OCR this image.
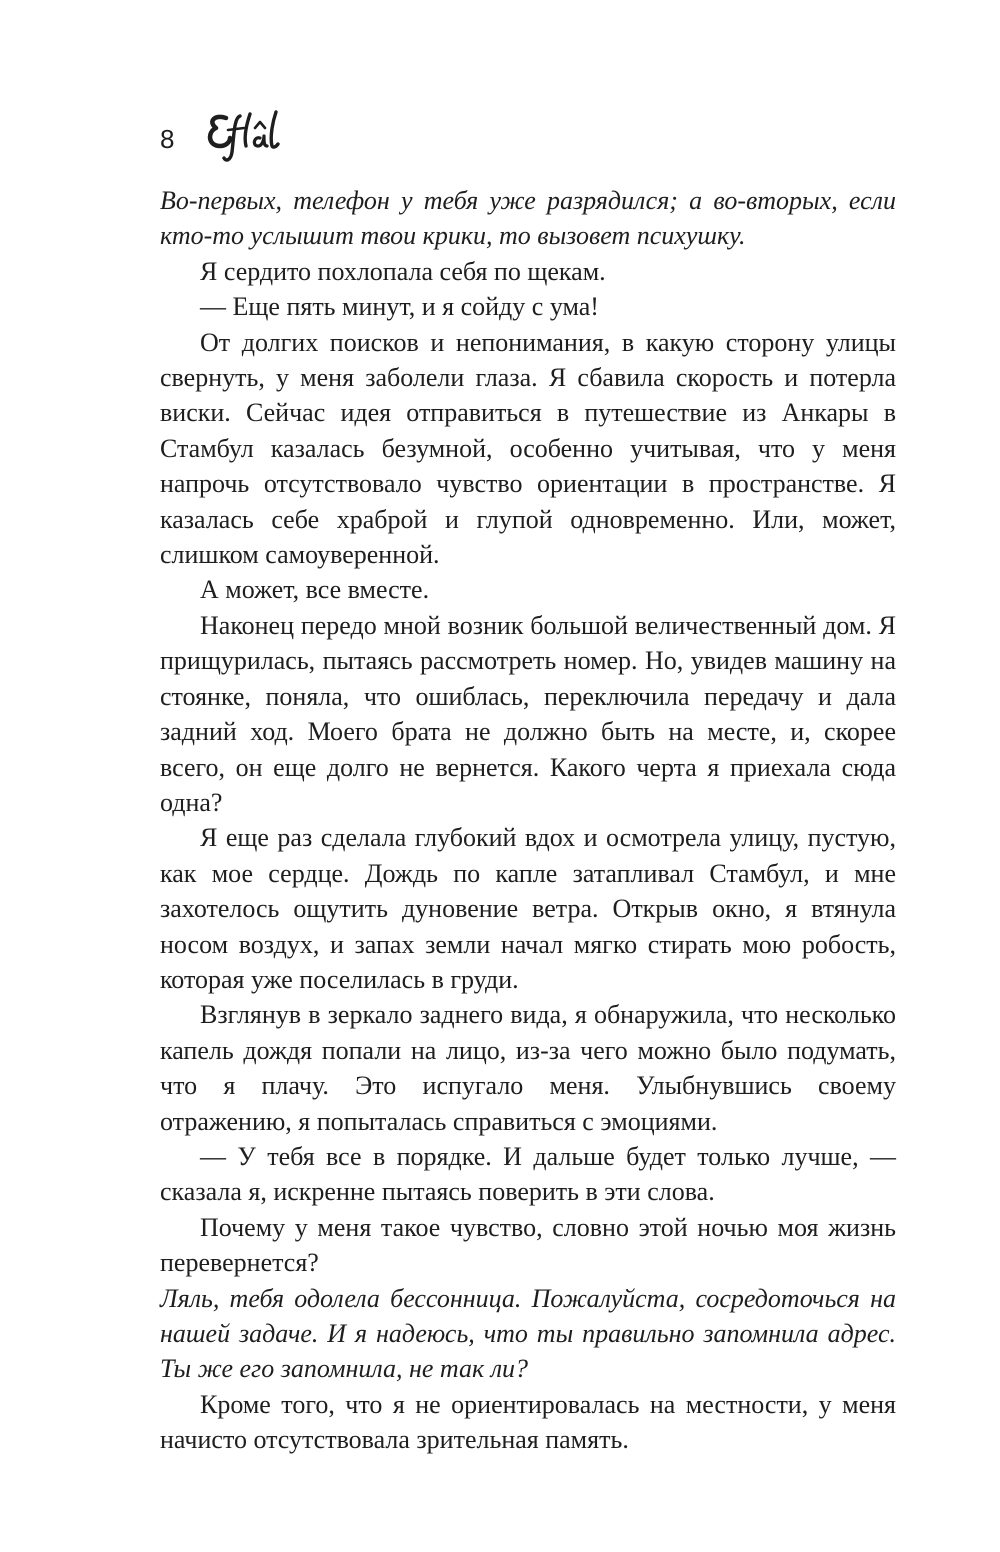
8

Во-первых, телефон у тебя уже разрядился; а во-вторых, если кто-то услышит твои крики, то вызовет психушку.

Я сердито похлопала себя по щекам.

— Еще пять минут, и я сойду с ума!

От долгих поисков и непонимания, в какую сторону улицы свернуть, у меня заболели глаза. Я сбавила скорость и потерла виски. Сейчас идея отправиться в путешествие из Анкары в Стамбул казалась безумной, особенно учитывая, что у меня напрочь отсутствовало чувство ориентации в пространстве. Я казалась себе храброй и глупой одновременно. Или, может, слишком самоуверенной.

А может, все вместе.

Наконец передо мной возник большой величественный дом. Я прищурилась, пытаясь рассмотреть номер. Но, увидев машину на стоянке, поняла, что ошиблась, переключила передачу и дала задний ход. Моего брата не должно быть на месте, и, скорее всего, он еще долго не вернется. Какого черта я приехала сюда одна?

Я еще раз сделала глубокий вдох и осмотрела улицу, пустую, как мое сердце. Дождь по капле затапливал Стамбул, и мне захотелось ощутить дуновение ветра. Открыв окно, я втянула носом воздух, и запах земли начал мягко стирать мою робость, которая уже поселилась в груди.

Взглянув в зеркало заднего вида, я обнаружила, что несколько капель дождя попали на лицо, из-за чего можно было подумать, что я плачу. Это испугало меня. Улыбнувшись своему отражению, я попыталась справиться с эмоциями.

— У тебя все в порядке. И дальше будет только лучше, — сказала я, искренне пытаясь поверить в эти слова.

Почему у меня такое чувство, словно этой ночью моя жизнь перевернется?

Ляль, тебя одолела бессонница. Пожалуйста, сосредоточься на нашей задаче. И я надеюсь, что ты правильно запомнила адрес. Ты же его запомнила, не так ли?

Кроме того, что я не ориентировалась на местности, у меня начисто отсутствовала зрительная память.
